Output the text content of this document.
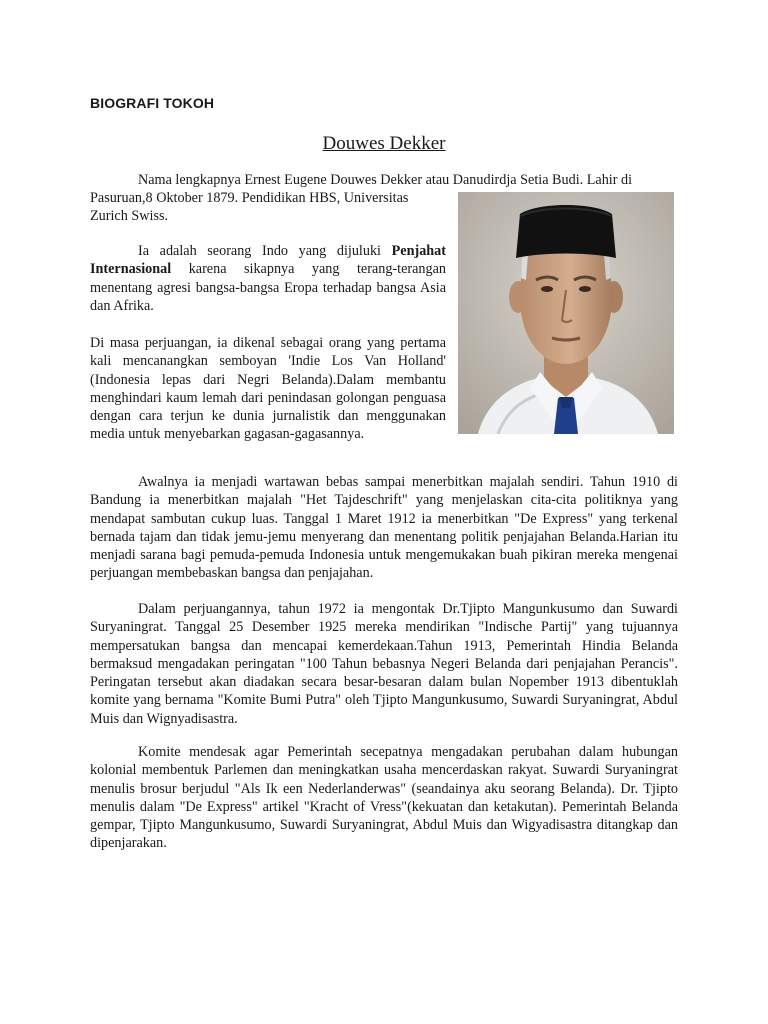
BIOGRAFI TOKOH
Douwes Dekker

Nama lengkapnya Ernest Eugene Douwes Dekker atau Danudirdja Setia Budi. Lahir di

Pasuruan,8 Oktober 1879. Pendidikan HBS, Universitas Zurich Swiss.

Ia adalah seorang Indo yang dijuluki Penjahat Internasional karena sikapnya yang terang-terangan menentang agresi bangsa-bangsa Eropa terhadap bangsa Asia dan Afrika.

Di masa perjuangan, ia dikenal sebagai orang yang pertama kali mencanangkan semboyan 'Indie Los Van Holland' (Indonesia lepas dari Negri Belanda).Dalam membantu menghindari kaum lemah dari penindasan golongan penguasa dengan cara terjun ke dunia jurnalistik dan menggunakan media untuk menyebarkan gagasan-gagasannya.

Awalnya ia menjadi wartawan bebas sampai menerbitkan majalah sendiri. Tahun 1910 di Bandung ia menerbitkan majalah "Het Tajdeschrift" yang menjelaskan cita-cita politiknya yang mendapat sambutan cukup luas. Tanggal 1 Maret 1912 ia menerbitkan "De Express" yang terkenal bernada tajam dan tidak jemu-jemu menyerang dan menentang politik penjajahan Belanda.Harian itu menjadi sarana bagi pemuda-pemuda Indonesia untuk mengemukakan buah pikiran mereka mengenai perjuangan membebaskan bangsa dan penjajahan.

Dalam perjuangannya, tahun 1972 ia mengontak Dr.Tjipto Mangunkusumo dan Suwardi Suryaningrat. Tanggal 25 Desember 1925 mereka mendirikan "Indische Partij" yang tujuannya mempersatukan bangsa dan mencapai kemerdekaan.Tahun 1913, Pemerintah Hindia Belanda bermaksud mengadakan peringatan "100 Tahun bebasnya Negeri Belanda dari penjajahan Perancis". Peringatan tersebut akan diadakan secara besar-besaran dalam bulan Nopember 1913 dibentuklah komite yang bernama "Komite Bumi Putra" oleh Tjipto Mangunkusumo, Suwardi Suryaningrat, Abdul Muis dan Wignyadisastra.

Komite mendesak agar Pemerintah secepatnya mengadakan perubahan dalam hubungan kolonial membentuk Parlemen dan meningkatkan usaha mencerdaskan rakyat. Suwardi Suryaningrat menulis brosur berjudul "Als Ik een Nederlanderwas" (seandainya aku seorang Belanda). Dr. Tjipto menulis dalam "De Express" artikel "Kracht of Vress"(kekuatan dan ketakutan). Pemerintah Belanda gempar, Tjipto Mangunkusumo, Suwardi Suryaningrat, Abdul Muis dan Wigyadisastra ditangkap dan dipenjarakan.
